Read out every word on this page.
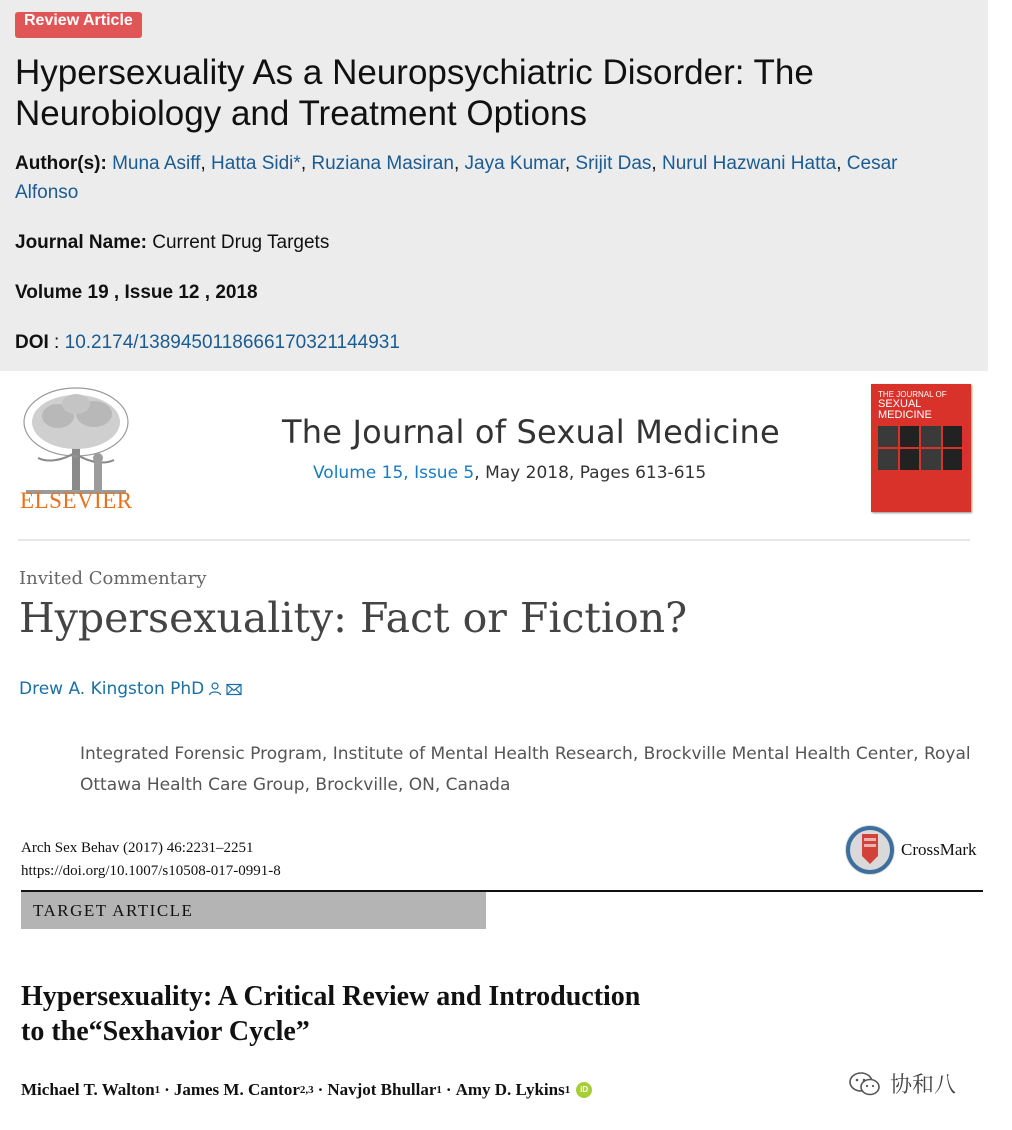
Review Article
Hypersexuality As a Neuropsychiatric Disorder: The Neurobiology and Treatment Options
Author(s): Muna Asiff, Hatta Sidi*, Ruziana Masiran, Jaya Kumar, Srijit Das, Nurul Hazwani Hatta, Cesar Alfonso
Journal Name: Current Drug Targets
Volume 19 , Issue 12 , 2018
DOI : 10.2174/1389450118666170321144931
ELSEVIER
The Journal of Sexual Medicine
Volume 15, Issue 5, May 2018, Pages 613-615
THE JOURNAL OF
SEXUAL
MEDICINE
Invited Commentary
Hypersexuality: Fact or Fiction?
Drew A. Kingston PhD
Integrated Forensic Program, Institute of Mental Health Research, Brockville Mental Health Center, Royal Ottawa Health Care Group, Brockville, ON, Canada
Arch Sex Behav (2017) 46:2231–2251
https://doi.org/10.1007/s10508-017-0991-8
CrossMark
TARGET ARTICLE
Hypersexuality: A Critical Review and Introduction
to the“Sexhavior Cycle”
Michael T. Walton 1 · James M. Cantor 2,3 · Navjot Bhullar 1 · Amy D. Lykins 1	iD	协和八
